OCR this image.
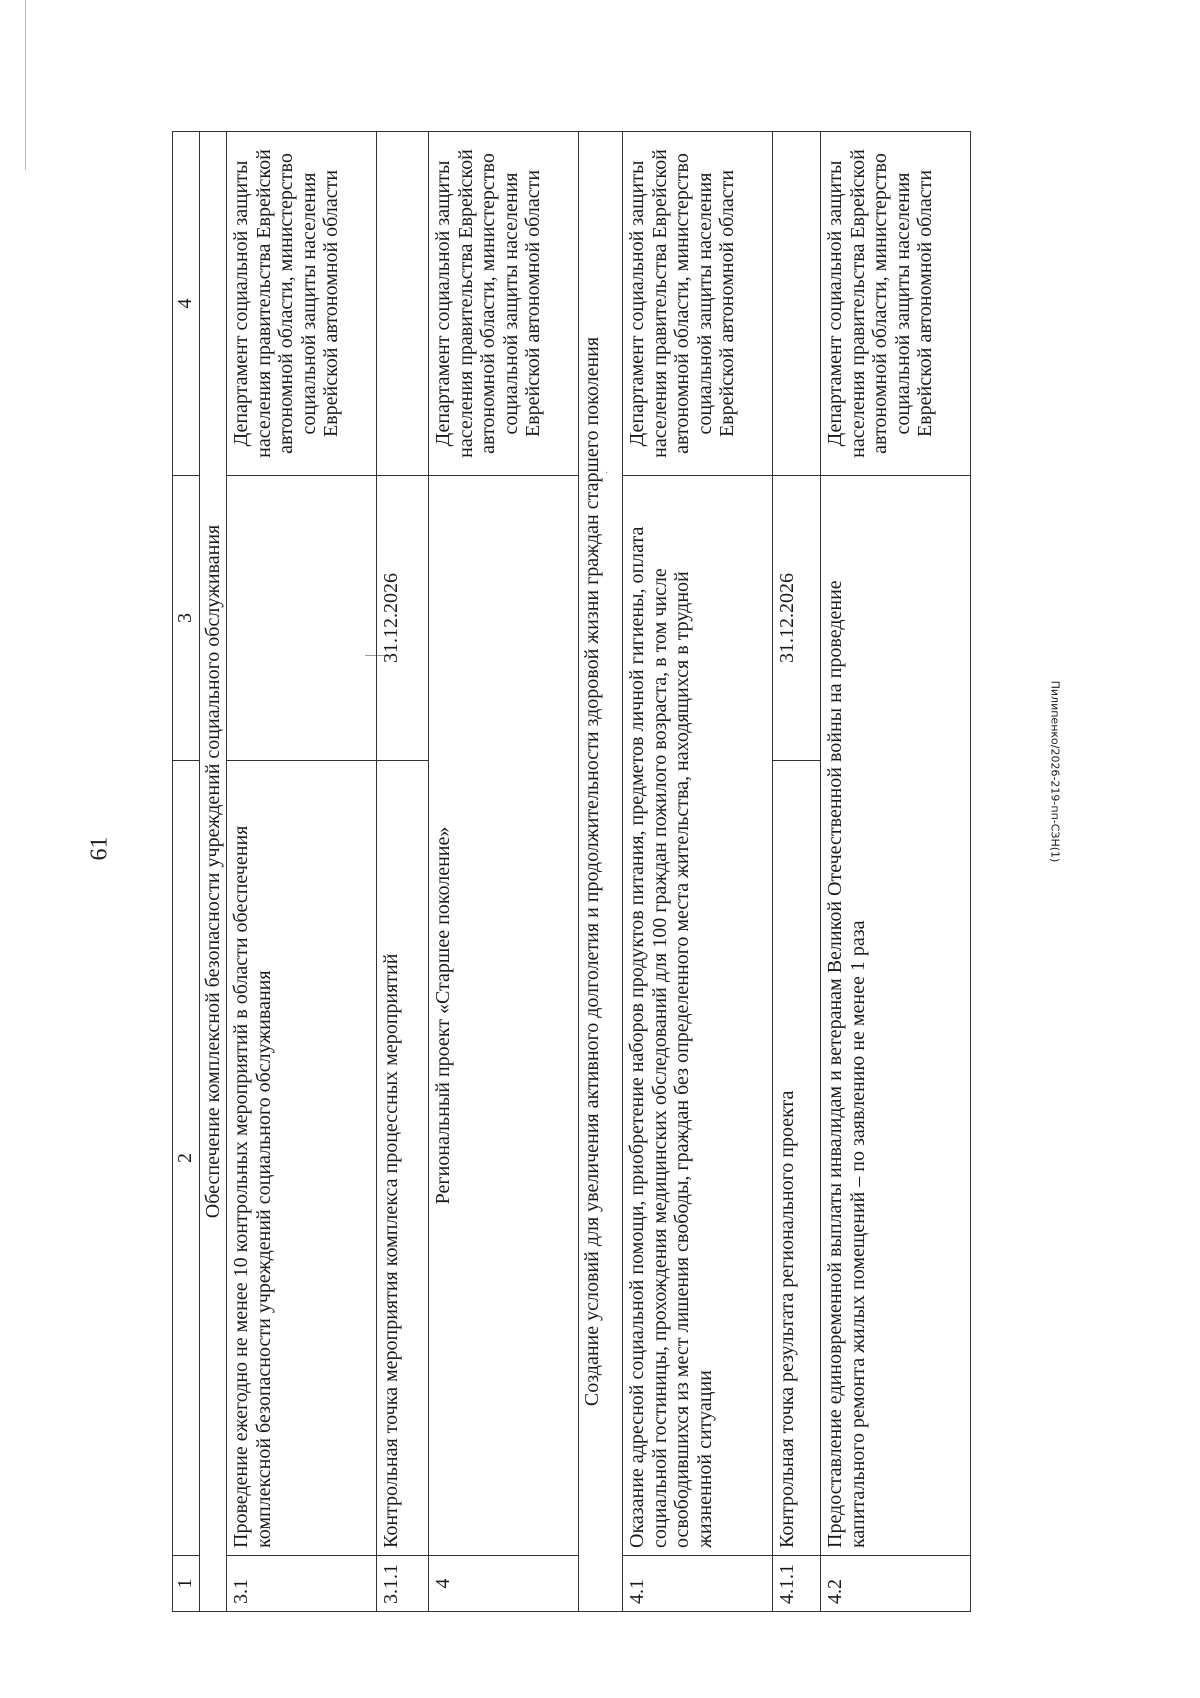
·
61	Пилипенко/2026-219-пп-СЗН(1)
1	2	3	4
Обеспечение комплексной безопасности учреждений социального обслуживания			
3.1	Проведение ежегодно не менее 10 контрольных мероприятий в области обеспечения комплексной безопасности учреждений социального обслуживания		Департамент социальной защиты населения правительства Еврейской автономной области, министерство социальной защиты населения Еврейской автономной области
3.1.1	Контрольная точка мероприятия комплекса процессных мероприятий	31.12.2026	
4	Региональный проект «Старшее поколение»		Департамент социальной защиты населения правительства Еврейской автономной области, министерство социальной защиты населения Еврейской автономной области
Создание условий для увеличения активного долголетия и продолжительности здоровой жизни граждан старшего поколения			
4.1	Оказание адресной социальной помощи, приобретение наборов продуктов питания, предметов личной гигиены, оплата социальной гостиницы, прохождения медицинских обследований для 100 граждан пожилого возраста, в том числе освободившихся из мест лишения свободы, граждан без определенного места жительства, находящихся в трудной жизненной ситуации		Департамент социальной защиты населения правительства Еврейской автономной области, министерство социальной защиты населения Еврейской автономной области
4.1.1	Контрольная точка результата регионального проекта	31.12.2026	
4.2	Предоставление единовременной выплаты инвалидам и ветеранам Великой Отечественной войны на проведение капитального ремонта жилых помещений – по заявлению не менее 1 раза		Департамент социальной защиты населения правительства Еврейской автономной области, министерство социальной защиты населения Еврейской автономной области
